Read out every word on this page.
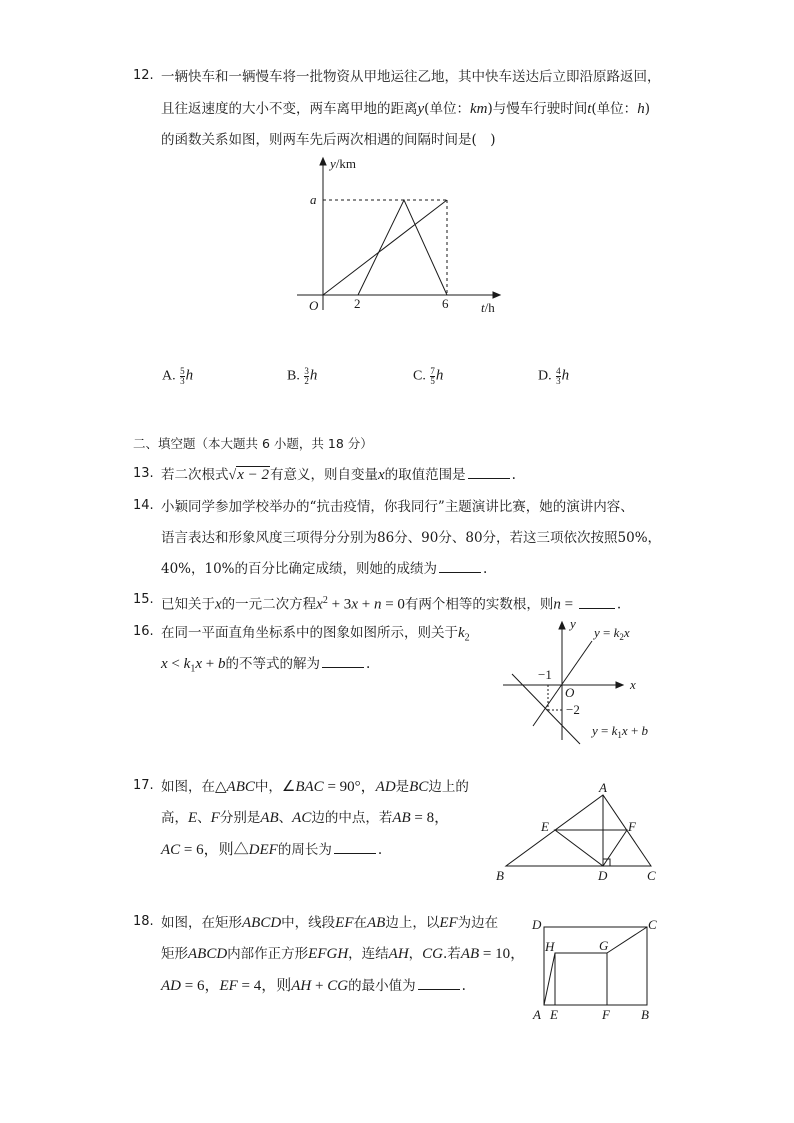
12. 一辆快车和一辆慢车将一批物资从甲地运往乙地，其中快车送达后立即沿原路返回，
且往返速度的大小不变，两车离甲地的距离y(单位：km)与慢车行驶时间t(单位：h)
的函数关系如图，则两车先后两次相遇的间隔时间是(　)
y/km
a
O	2	6	t/h
A. $\frac{5}{3}$ h	B. $\frac{3}{2}$ h	C. $\frac{7}{5}$ h	D. $\frac{4}{3}$ h
二、填空题（本大题共 6 小题，共 18 分）
13. 若二次根式√x − 2有意义，则自变量x的取值范围是	.
14. 小颖同学参加学校举办的“抗击疫情，你我同行”主题演讲比赛，她的演讲内容、
语言表达和形象风度三项得分分别为86分、90分、80分，若这三项依次按照50%，
40%，10%的百分比确定成绩，则她的成绩为	.
15. 已知关于x的一元二次方程$x^2 + 3x + n = 0$有两个相等的实数根，则n =	.
16. 在同一平面直角坐标系中的图象如图所示，则关于$k_2$
$x < k_1x + b$的不等式的解为	.
y
x
O
−1
−2
$y = k_2x$
$y = k_1x + b$
17. 如图，在△ABC中，∠BAC = 90°，AD是BC边上的
高，E、F分别是AB、AC边的中点，若AB = 8，
AC = 6，则△DEF的周长为	.
A
B	C
D
E	F
18. 如图，在矩形ABCD中，线段EF在AB边上，以EF为边在
矩形ABCD内部作正方形EFGH，连结AH，CG.若AB = 10，
AD = 6，EF = 4，则AH + CG的最小值为	.
D	C
H	G
A E	F B
